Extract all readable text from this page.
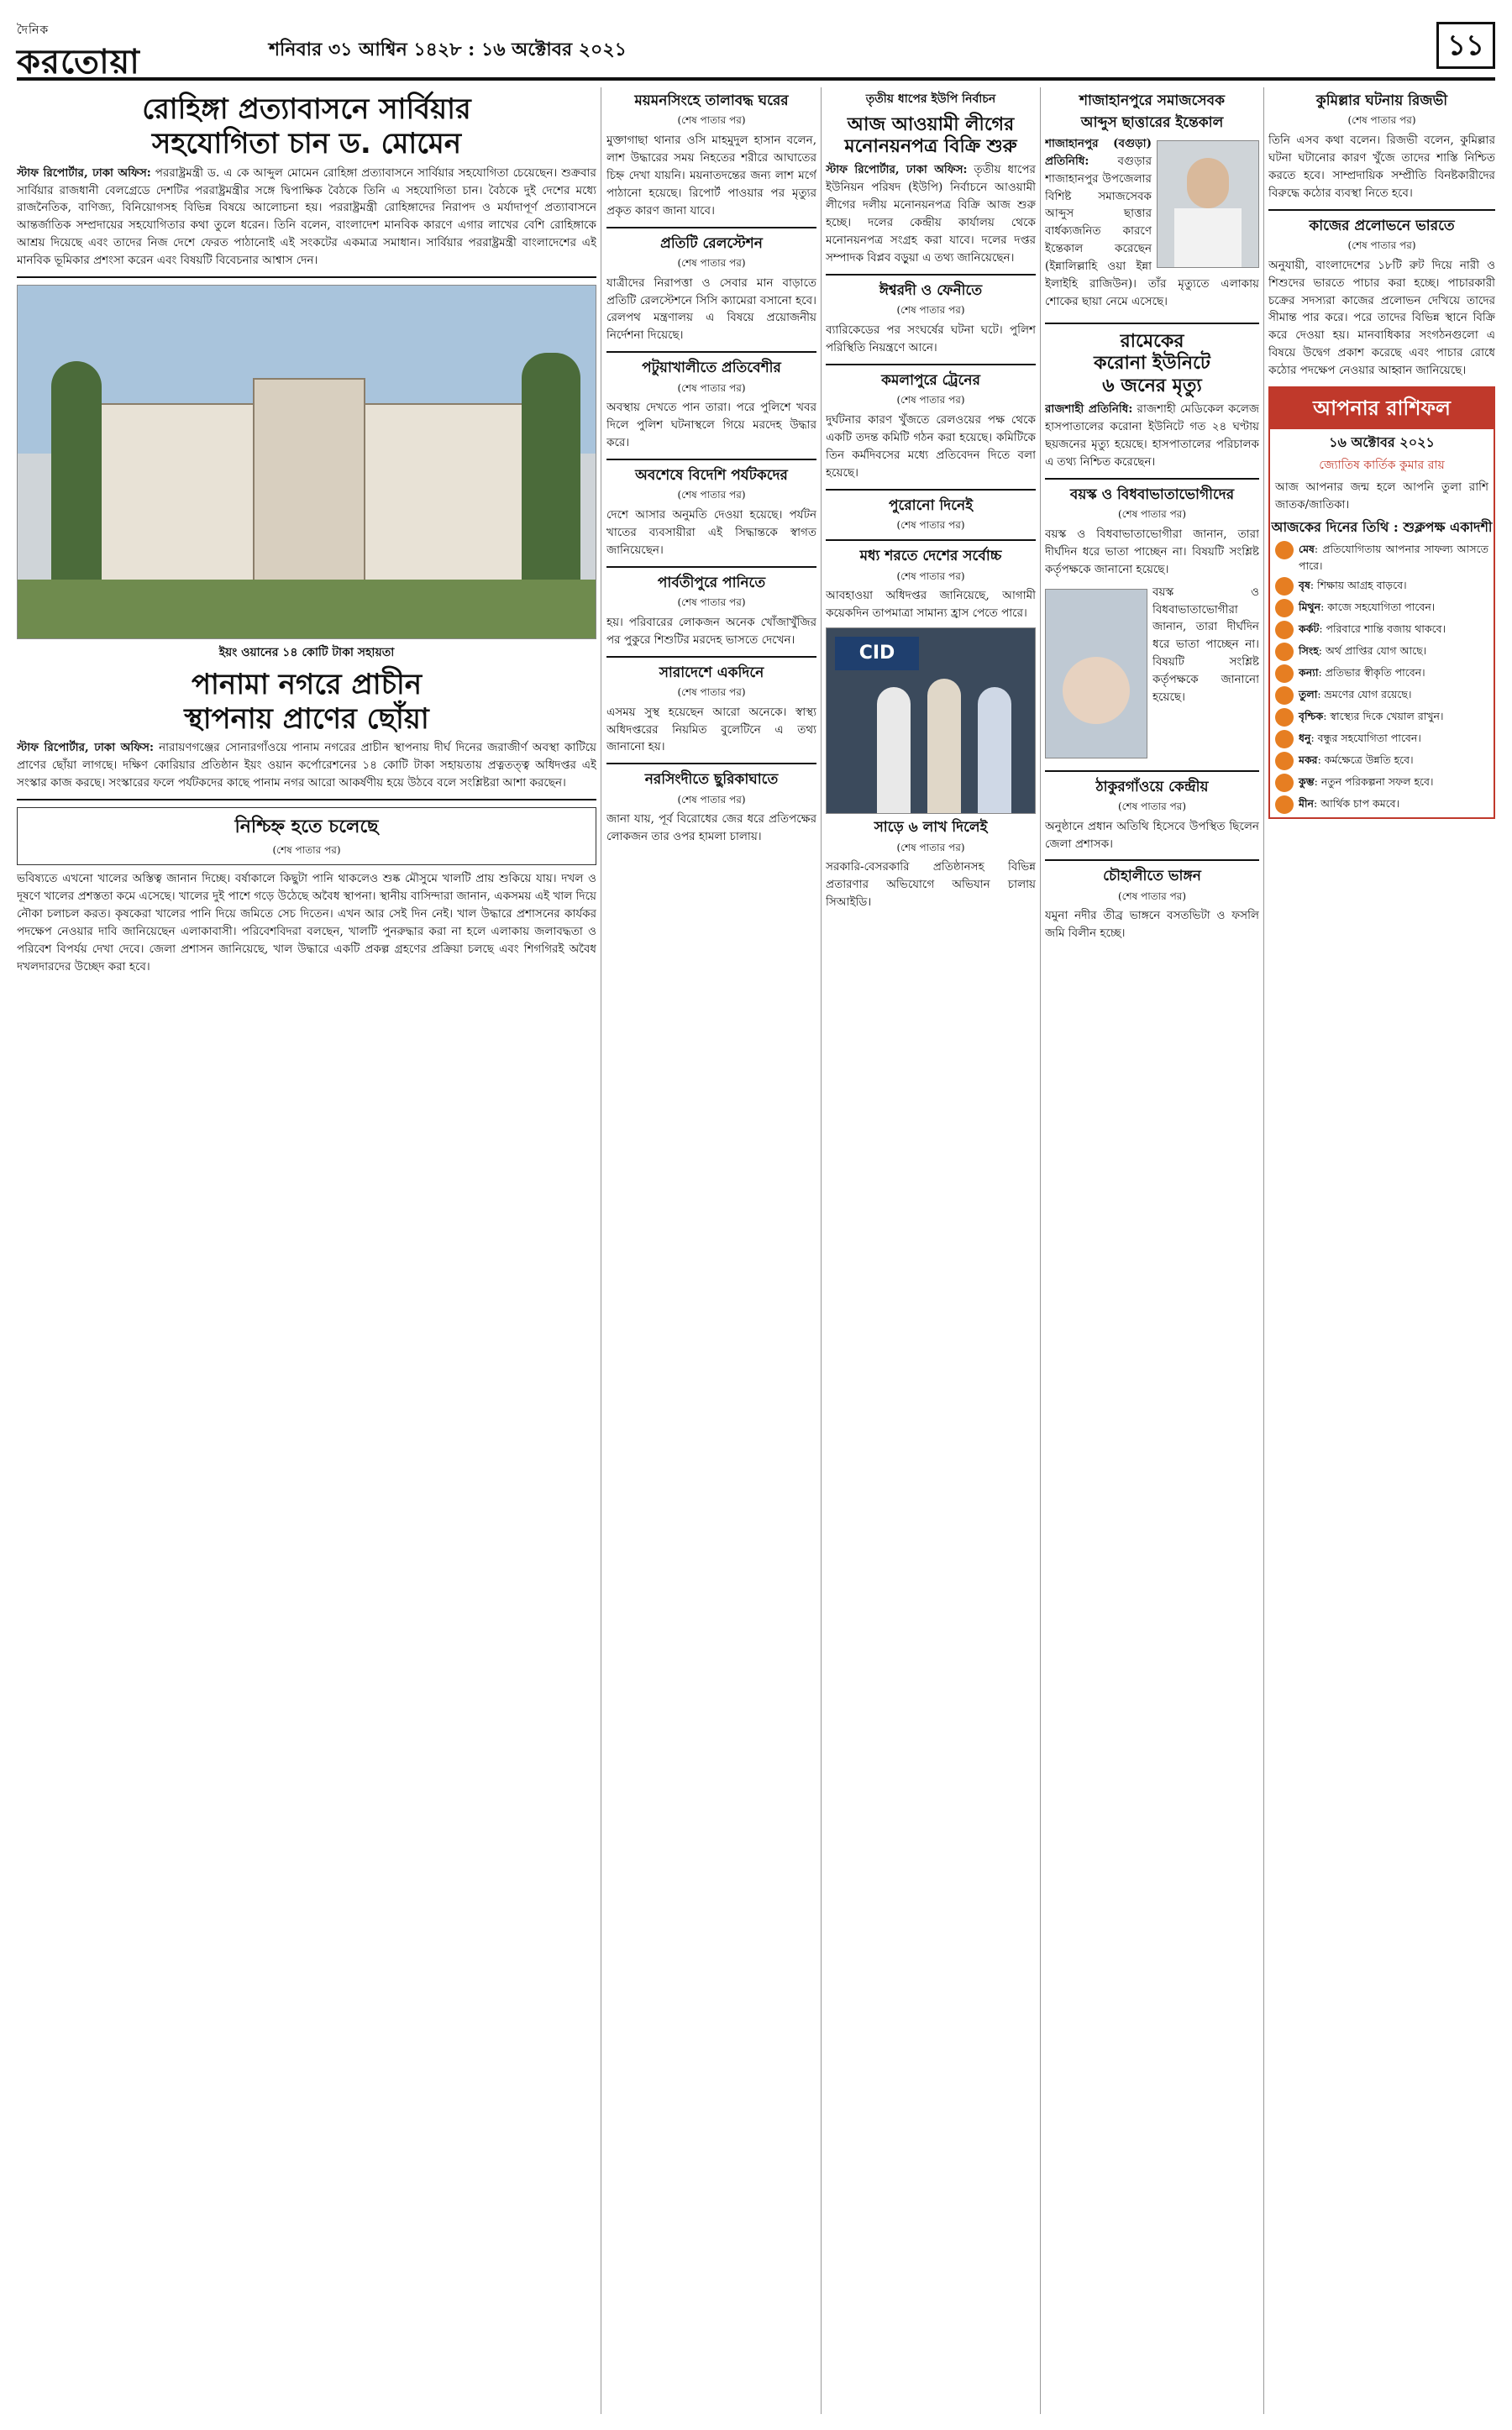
দৈনিক
করতোয়া	শনিবার ৩১ আশ্বিন ১৪২৮ : ১৬ অক্টোবর ২০২১	১১
রোহিঙ্গা প্রত্যাবাসনে সার্বিয়ার
সহযোগিতা চান ড. মোমেন

স্টাফ রিপোর্টার, ঢাকা অফিস: পররাষ্ট্রমন্ত্রী ড. এ কে আব্দুল মোমেন রোহিঙ্গা প্রত্যাবাসনে সার্বিয়ার সহযোগিতা চেয়েছেন। শুক্রবার সার্বিয়ার রাজধানী বেলগ্রেডে দেশটির পররাষ্ট্রমন্ত্রীর সঙ্গে দ্বিপাক্ষিক বৈঠকে তিনি এ সহযোগিতা চান। বৈঠকে দুই দেশের মধ্যে রাজনৈতিক, বাণিজ্য, বিনিয়োগসহ বিভিন্ন বিষয়ে আলোচনা হয়। পররাষ্ট্রমন্ত্রী রোহিঙ্গাদের নিরাপদ ও মর্যাদাপূর্ণ প্রত্যাবাসনে আন্তর্জাতিক সম্প্রদায়ের সহযোগিতার কথা তুলে ধরেন। তিনি বলেন, বাংলাদেশ মানবিক কারণে এগার লাখের বেশি রোহিঙ্গাকে আশ্রয় দিয়েছে এবং তাদের নিজ দেশে ফেরত পাঠানোই এই সংকটের একমাত্র সমাধান। সার্বিয়ার পররাষ্ট্রমন্ত্রী বাংলাদেশের এই মানবিক ভূমিকার প্রশংসা করেন এবং বিষয়টি বিবেচনার আশ্বাস দেন।

ইয়ং ওয়ানের ১৪ কোটি টাকা সহায়তা
পানামা নগরে প্রাচীন
স্থাপনায় প্রাণের ছোঁয়া

স্টাফ রিপোর্টার, ঢাকা অফিস: নারায়ণগঞ্জের সোনারগাঁওয়ে পানাম নগরের প্রাচীন স্থাপনায় দীর্ঘ দিনের জরাজীর্ণ অবস্থা কাটিয়ে প্রাণের ছোঁয়া লাগছে। দক্ষিণ কোরিয়ার প্রতিষ্ঠান ইয়ং ওয়ান কর্পোরেশনের ১৪ কোটি টাকা সহায়তায় প্রত্নতত্ত্ব অধিদপ্তর এই সংস্কার কাজ করছে। সংস্কারের ফলে পর্যটকদের কাছে পানাম নগর আরো আকর্ষণীয় হয়ে উঠবে বলে সংশ্লিষ্টরা আশা করছেন।

নিশ্চিহ্ন হতে চলেছে
(শেষ পাতার পর)

ভবিষ্যতে এখনো খালের অস্তিত্ব জানান দিচ্ছে। বর্ষাকালে কিছুটা পানি থাকলেও শুষ্ক মৌসুমে খালটি প্রায় শুকিয়ে যায়। দখল ও দূষণে খালের প্রশস্ততা কমে এসেছে। খালের দুই পাশে গড়ে উঠেছে অবৈধ স্থাপনা। স্থানীয় বাসিন্দারা জানান, একসময় এই খাল দিয়ে নৌকা চলাচল করত। কৃষকেরা খালের পানি দিয়ে জমিতে সেচ দিতেন। এখন আর সেই দিন নেই। খাল উদ্ধারে প্রশাসনের কার্যকর পদক্ষেপ নেওয়ার দাবি জানিয়েছেন এলাকাবাসী। পরিবেশবিদরা বলছেন, খালটি পুনরুদ্ধার করা না হলে এলাকায় জলাবদ্ধতা ও পরিবেশ বিপর্যয় দেখা দেবে। জেলা প্রশাসন জানিয়েছে, খাল উদ্ধারে একটি প্রকল্প গ্রহণের প্রক্রিয়া চলছে এবং শিগগিরই অবৈধ দখলদারদের উচ্ছেদ করা হবে।

ময়মনসিংহে তালাবদ্ধ ঘরের
(শেষ পাতার পর)

মুক্তাগাছা থানার ওসি মাহমুদুল হাসান বলেন, লাশ উদ্ধারের সময় নিহতের শরীরে আঘাতের চিহ্ন দেখা যায়নি। ময়নাতদন্তের জন্য লাশ মর্গে পাঠানো হয়েছে। রিপোর্ট পাওয়ার পর মৃত্যুর প্রকৃত কারণ জানা যাবে।

প্রতিটি রেলস্টেশন
(শেষ পাতার পর)

যাত্রীদের নিরাপত্তা ও সেবার মান বাড়াতে প্রতিটি রেলস্টেশনে সিসি ক্যামেরা বসানো হবে। রেলপথ মন্ত্রণালয় এ বিষয়ে প্রয়োজনীয় নির্দেশনা দিয়েছে।

পটুয়াখালীতে প্রতিবেশীর
(শেষ পাতার পর)

অবস্থায় দেখতে পান তারা। পরে পুলিশে খবর দিলে পুলিশ ঘটনাস্থলে গিয়ে মরদেহ উদ্ধার করে।

অবশেষে বিদেশি পর্যটকদের
(শেষ পাতার পর)

দেশে আসার অনুমতি দেওয়া হয়েছে। পর্যটন খাতের ব্যবসায়ীরা এই সিদ্ধান্তকে স্বাগত জানিয়েছেন।

পার্বতীপুরে পানিতে
(শেষ পাতার পর)

হয়। পরিবারের লোকজন অনেক খোঁজাখুঁজির পর পুকুরে শিশুটির মরদেহ ভাসতে দেখেন।

সারাদেশে একদিনে
(শেষ পাতার পর)

এসময় সুস্থ হয়েছেন আরো অনেকে। স্বাস্থ্য অধিদপ্তরের নিয়মিত বুলেটিনে এ তথ্য জানানো হয়।

নরসিংদীতে ছুরিকাঘাতে
(শেষ পাতার পর)

জানা যায়, পূর্ব বিরোধের জের ধরে প্রতিপক্ষের লোকজন তার ওপর হামলা চালায়।

তৃতীয় ধাপের ইউপি নির্বাচন
আজ আওয়ামী লীগের
মনোনয়নপত্র বিক্রি শুরু

স্টাফ রিপোর্টার, ঢাকা অফিস: তৃতীয় ধাপের ইউনিয়ন পরিষদ (ইউপি) নির্বাচনে আওয়ামী লীগের দলীয় মনোনয়নপত্র বিক্রি আজ শুরু হচ্ছে। দলের কেন্দ্রীয় কার্যালয় থেকে মনোনয়নপত্র সংগ্রহ করা যাবে। দলের দপ্তর সম্পাদক বিপ্লব বড়ুয়া এ তথ্য জানিয়েছেন।

ঈশ্বরদী ও ফেনীতে
(শেষ পাতার পর)

ব্যারিকেডের পর সংঘর্ষের ঘটনা ঘটে। পুলিশ পরিস্থিতি নিয়ন্ত্রণে আনে।

কমলাপুরে ট্রেনের
(শেষ পাতার পর)

দুর্ঘটনার কারণ খুঁজতে রেলওয়ের পক্ষ থেকে একটি তদন্ত কমিটি গঠন করা হয়েছে। কমিটিকে তিন কর্মদিবসের মধ্যে প্রতিবেদন দিতে বলা হয়েছে।

পুরোনো দিনেই
(শেষ পাতার পর)
মধ্য শরতে দেশের সর্বোচ্চ
(শেষ পাতার পর)

আবহাওয়া অধিদপ্তর জানিয়েছে, আগামী কয়েকদিন তাপমাত্রা সামান্য হ্রাস পেতে পারে।

CID
সাড়ে ৬ লাখ দিলেই
(শেষ পাতার পর)

সরকারি-বেসরকারি প্রতিষ্ঠানসহ বিভিন্ন প্রতারণার অভিযোগে অভিযান চালায় সিআইডি।

শাজাহানপুরে সমাজসেবক
আব্দুস ছাত্তারের ইন্তেকাল

শাজাহানপুর (বগুড়া) প্রতিনিধি:	বগুড়ার শাজাহানপুর উপজেলার বিশিষ্ট সমাজসেবক আব্দুস ছাত্তার বার্ধক্যজনিত কারণে ইন্তেকাল করেছেন (ইন্নালিল্লাহি ওয়া ইন্না ইলাইহি রাজিউন)। তাঁর মৃত্যুতে এলাকায় শোকের ছায়া নেমে এসেছে।

রামেকের
করোনা ইউনিটে
৬ জনের মৃত্যু

রাজশাহী প্রতিনিধি: রাজশাহী মেডিকেল কলেজ হাসপাতালের করোনা ইউনিটে গত ২৪ ঘণ্টায় ছয়জনের মৃত্যু হয়েছে। হাসপাতালের পরিচালক এ তথ্য নিশ্চিত করেছেন।

বয়স্ক ও বিধবাভাতাভোগীদের
(শেষ পাতার পর)

বয়স্ক ও বিধবাভাতাভোগীরা জানান, তারা দীর্ঘদিন ধরে ভাতা পাচ্ছেন না। বিষয়টি সংশ্লিষ্ট কর্তৃপক্ষকে জানানো হয়েছে।

বয়স্ক ও বিধবাভাতাভোগীরা জানান, তারা দীর্ঘদিন ধরে ভাতা পাচ্ছেন না। বিষয়টি সংশ্লিষ্ট কর্তৃপক্ষকে জানানো হয়েছে।

ঠাকুরগাঁওয়ে কেন্দ্রীয়
(শেষ পাতার পর)

অনুষ্ঠানে প্রধান অতিথি হিসেবে উপস্থিত ছিলেন জেলা প্রশাসক।

চৌহালীতে ভাঙ্গন
(শেষ পাতার পর)

যমুনা নদীর তীব্র ভাঙ্গনে বসতভিটা ও ফসলি জমি বিলীন হচ্ছে।

কুমিল্লার ঘটনায় রিজভী
(শেষ পাতার পর)

তিনি এসব কথা বলেন। রিজভী বলেন, কুমিল্লার ঘটনা ঘটানোর কারণ খুঁজে তাদের শাস্তি নিশ্চিত করতে হবে। সাম্প্রদায়িক সম্প্রীতি বিনষ্টকারীদের বিরুদ্ধে কঠোর ব্যবস্থা নিতে হবে।

কাজের প্রলোভনে ভারতে
(শেষ পাতার পর)

অনুযায়ী, বাংলাদেশের ১৮টি রুট দিয়ে নারী ও শিশুদের ভারতে পাচার করা হচ্ছে। পাচারকারী চক্রের সদস্যরা কাজের প্রলোভন দেখিয়ে তাদের সীমান্ত পার করে। পরে তাদের বিভিন্ন স্থানে বিক্রি করে দেওয়া হয়। মানবাধিকার সংগঠনগুলো এ বিষয়ে উদ্বেগ প্রকাশ করেছে এবং পাচার রোধে কঠোর পদক্ষেপ নেওয়ার আহ্বান জানিয়েছে।

আপনার রাশিফল
১৬ অক্টোবর ২০২১
জ্যোতিষ কার্তিক কুমার রায়

আজ আপনার জন্ম হলে আপনি তুলা রাশি জাতক/জাতিকা।

আজকের দিনের তিথি : শুক্লপক্ষ একাদশী
মেষ: প্রতিযোগিতায় আপনার সাফল্য আসতে পারে।
বৃষ: শিক্ষায় আগ্রহ বাড়বে।
মিথুন: কাজে সহযোগিতা পাবেন।
কর্কট: পরিবারে শান্তি বজায় থাকবে।
সিংহ: অর্থ প্রাপ্তির যোগ আছে।
কন্যা: প্রতিভার স্বীকৃতি পাবেন।
তুলা: ভ্রমণের যোগ রয়েছে।
বৃশ্চিক: স্বাস্থ্যের দিকে খেয়াল রাখুন।
ধনু: বন্ধুর সহযোগিতা পাবেন।
মকর: কর্মক্ষেত্রে উন্নতি হবে।
কুম্ভ: নতুন পরিকল্পনা সফল হবে।
মীন: আর্থিক চাপ কমবে।
